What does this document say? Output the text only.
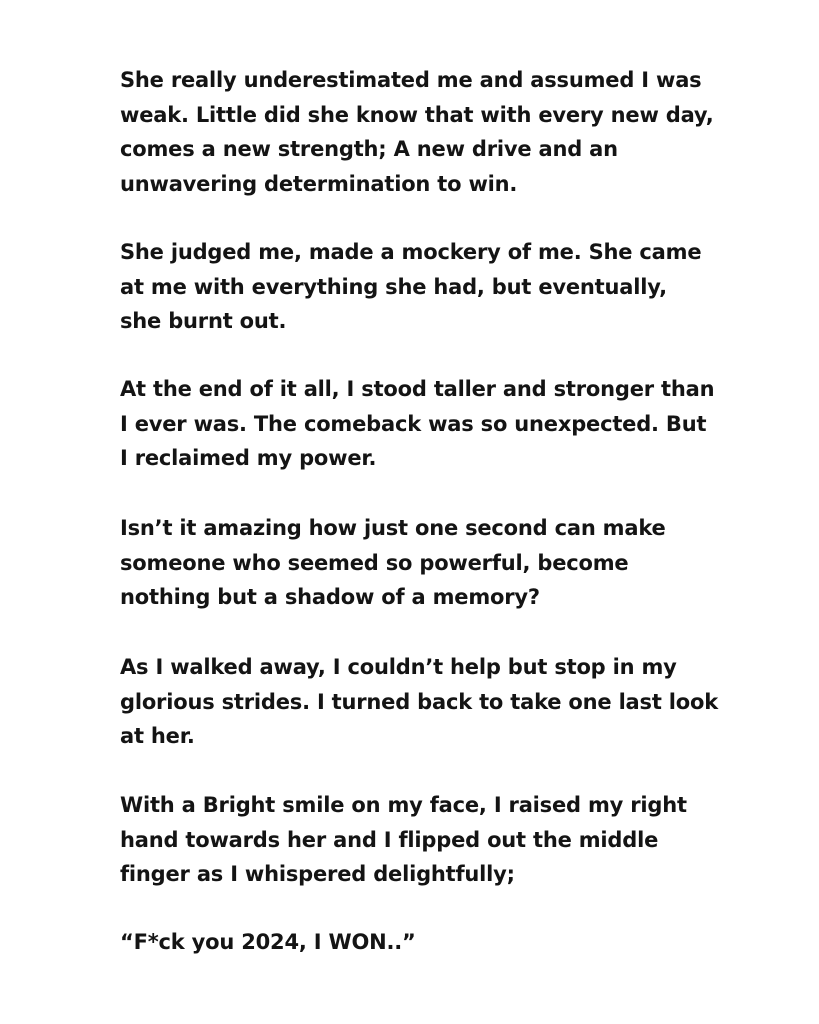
She really underestimated me and assumed I was
weak. Little did she know that with every new day,
comes a new strength; A new drive and an
unwavering determination to win.
She judged me, made a mockery of me. She came
at me with everything she had, but eventually,
she burnt out.
At the end of it all, I stood taller and stronger than
I ever was. The comeback was so unexpected. But
I reclaimed my power.
Isn’t it amazing how just one second can make
someone who seemed so powerful, become
nothing but a shadow of a memory?
As I walked away, I couldn’t help but stop in my
glorious strides. I turned back to take one last look
at her.
With a Bright smile on my face, I raised my right
hand towards her and I flipped out the middle
finger as I whispered delightfully;
“F*ck you 2024, I WON..”
